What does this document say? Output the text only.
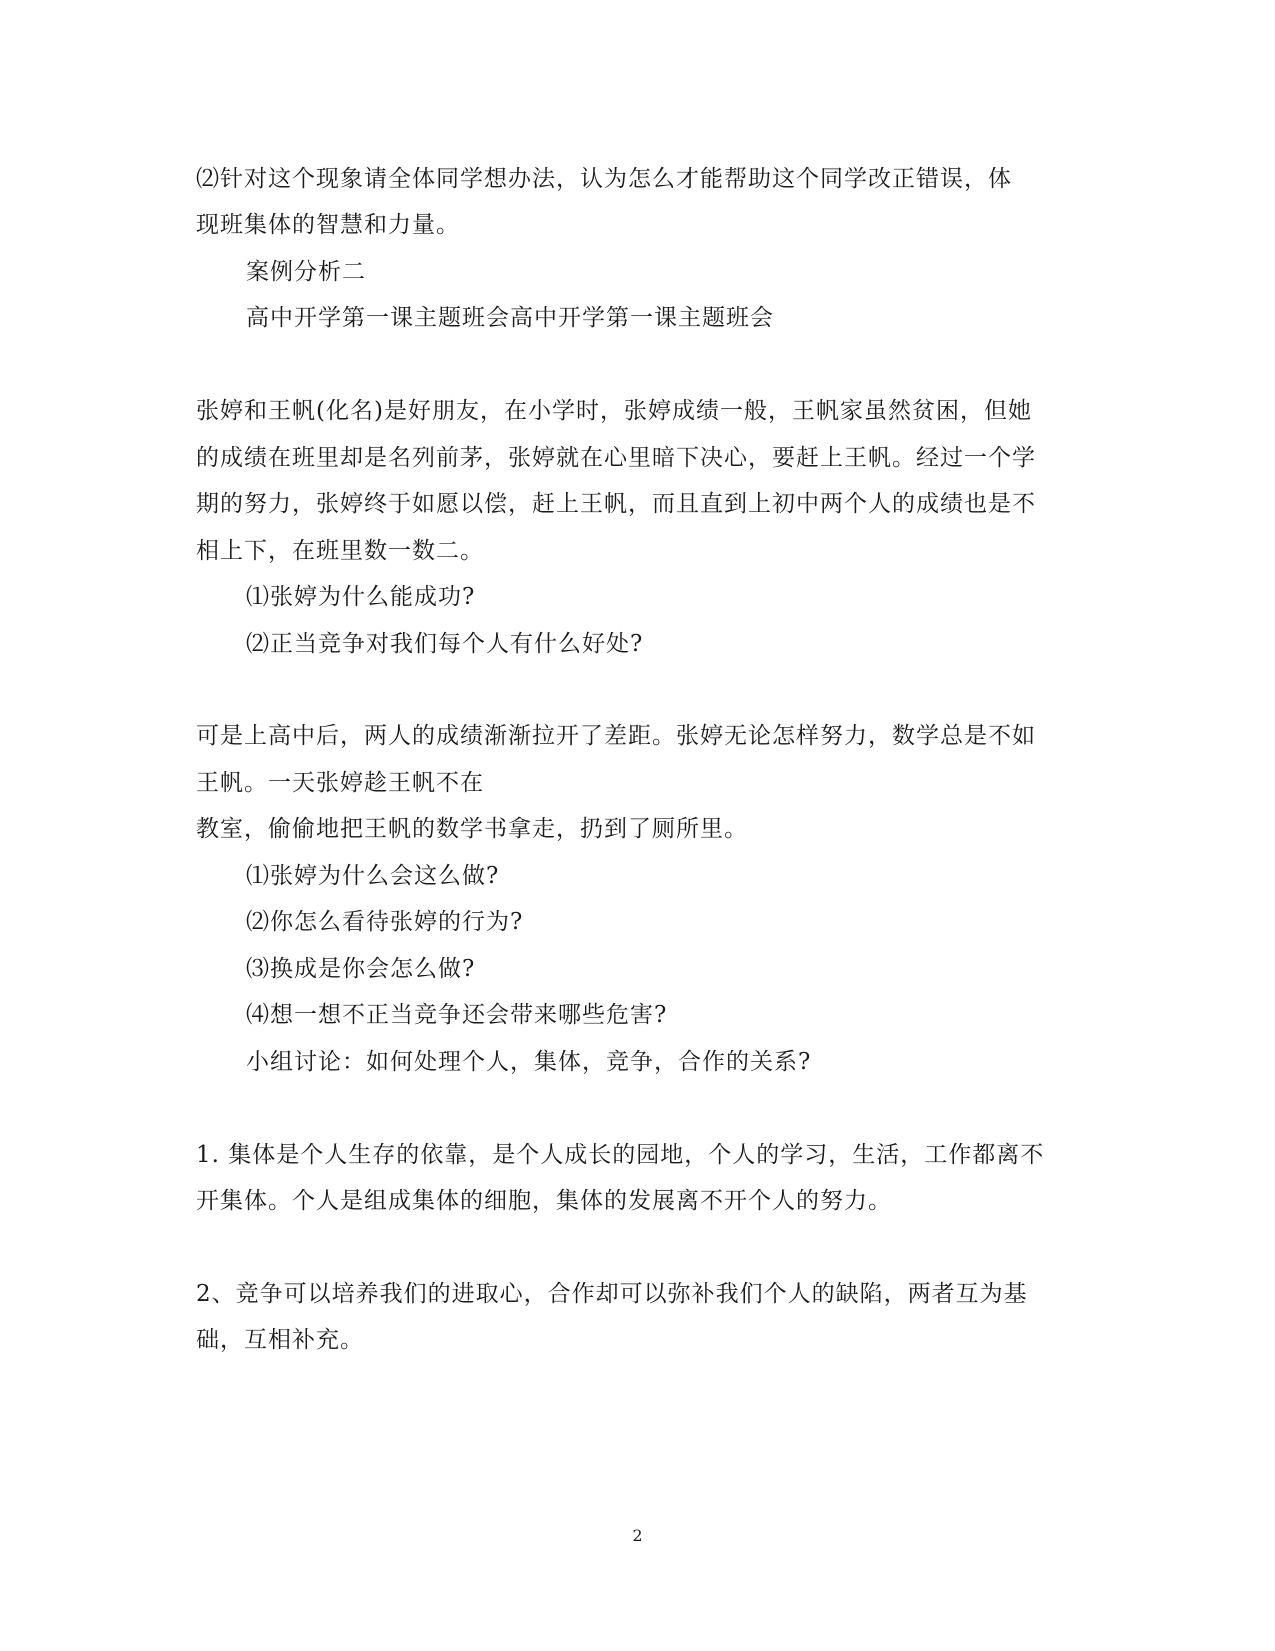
⑵针对这个现象请全体同学想办法，认为怎么才能帮助这个同学改正错误，体
现班集体的智慧和力量。
案例分析二
高中开学第一课主题班会高中开学第一课主题班会
张婷和王帆(化名)是好朋友，在小学时，张婷成绩一般，王帆家虽然贫困，但她
的成绩在班里却是名列前茅，张婷就在心里暗下决心，要赶上王帆。经过一个学
期的努力，张婷终于如愿以偿，赶上王帆，而且直到上初中两个人的成绩也是不
相上下，在班里数一数二。
⑴张婷为什么能成功?
⑵正当竞争对我们每个人有什么好处?
可是上高中后，两人的成绩渐渐拉开了差距。张婷无论怎样努力，数学总是不如
王帆。一天张婷趁王帆不在
教室，偷偷地把王帆的数学书拿走，扔到了厕所里。
⑴张婷为什么会这么做?
⑵你怎么看待张婷的行为?
⑶换成是你会怎么做?
⑷想一想不正当竞争还会带来哪些危害?
小组讨论：如何处理个人，集体，竞争，合作的关系?
1. 集体是个人生存的依靠，是个人成长的园地，个人的学习，生活，工作都离不
开集体。个人是组成集体的细胞，集体的发展离不开个人的努力。
2、竞争可以培养我们的进取心，合作却可以弥补我们个人的缺陷，两者互为基
础，互相补充。
2
